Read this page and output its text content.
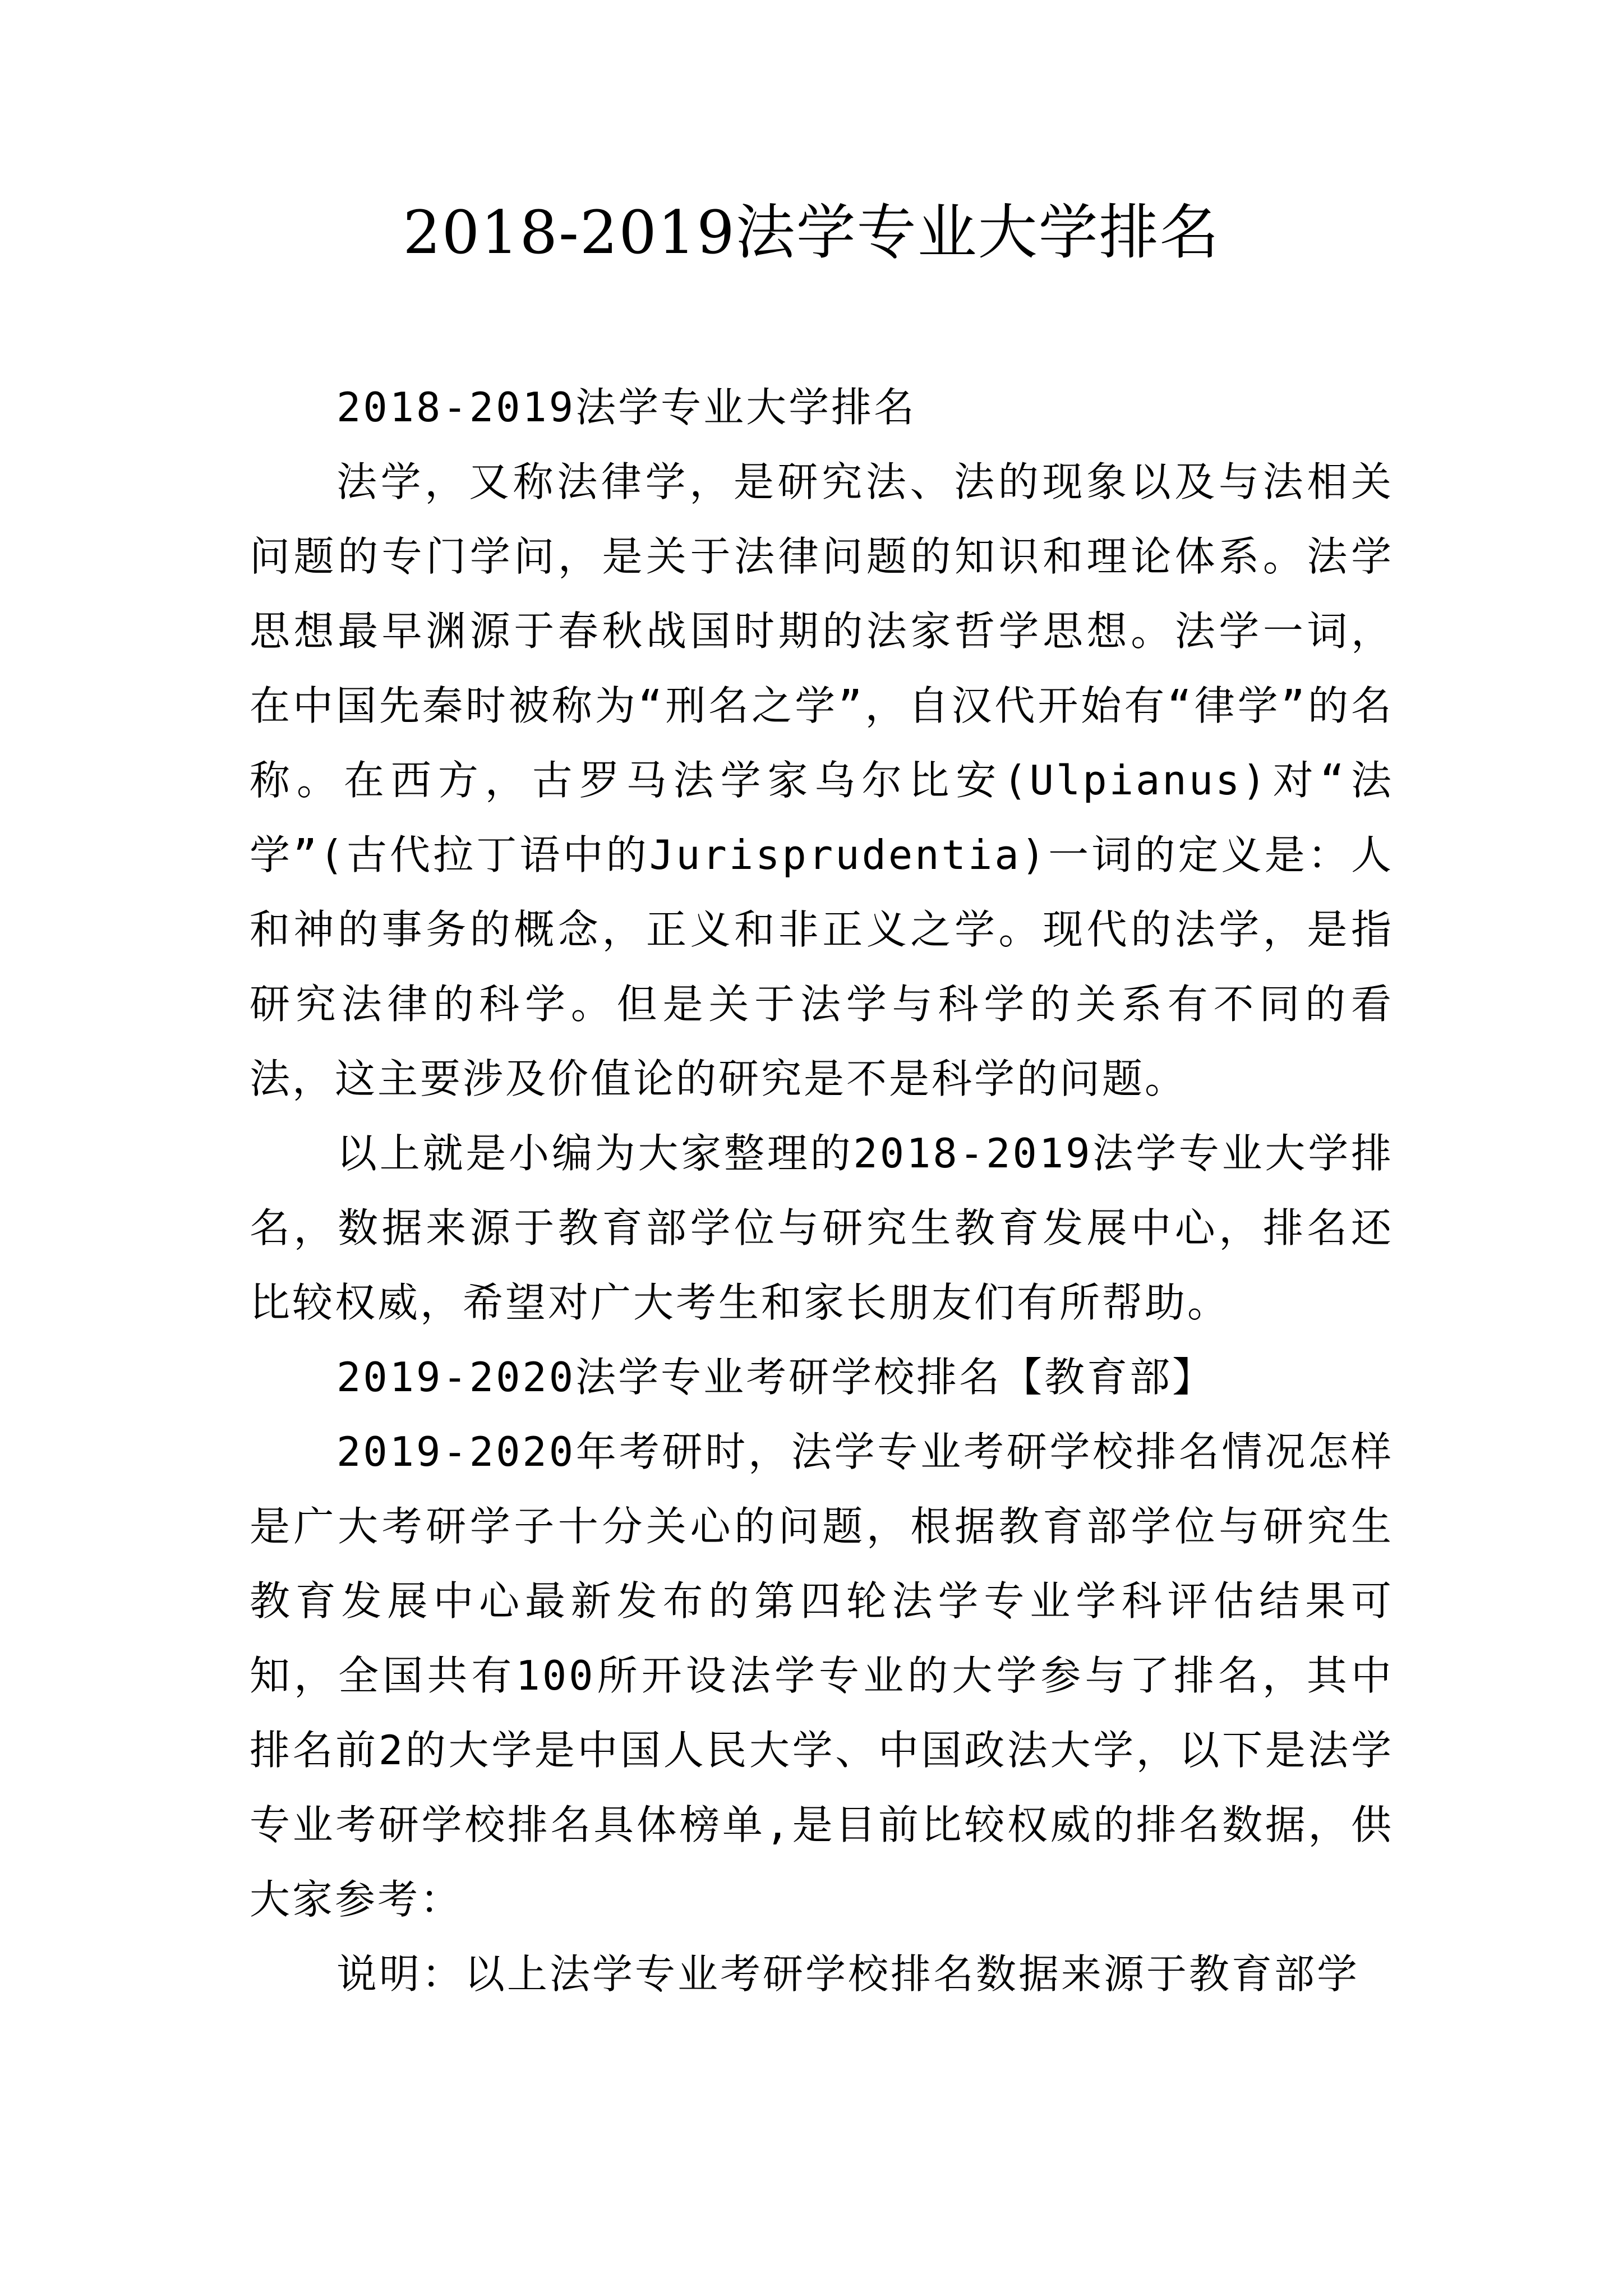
2018-2019法学专业大学排名

2018-2019法学专业大学排名

法学，又称法律学，是研究法、法的现象以及与法相关问题的专门学问，是关于法律问题的知识和理论体系。法学思想最早渊源于春秋战国时期的法家哲学思想。法学一词，在中国先秦时被称为“刑名之学”，自汉代开始有“律学”的名称。在西方，古罗马法学家乌尔比安(Ulpianus)对“法学”(古代拉丁语中的Jurisprudentia)一词的定义是：人和神的事务的概念，正义和非正义之学。现代的法学，是指研究法律的科学。但是关于法学与科学的关系有不同的看法，这主要涉及价值论的研究是不是科学的问题。

以上就是小编为大家整理的2018-2019法学专业大学排名，数据来源于教育部学位与研究生教育发展中心，排名还比较权威，希望对广大考生和家长朋友们有所帮助。

2019-2020法学专业考研学校排名【教育部】

2019-2020年考研时，法学专业考研学校排名情况怎样是广大考研学子十分关心的问题，根据教育部学位与研究生教育发展中心最新发布的第四轮法学专业学科评估结果可知，全国共有100所开设法学专业的大学参与了排名，其中排名前2的大学是中国人民大学、中国政法大学，以下是法学专业考研学校排名具体榜单,是目前比较权威的排名数据，供大家参考：

说明：以上法学专业考研学校排名数据来源于教育部学
